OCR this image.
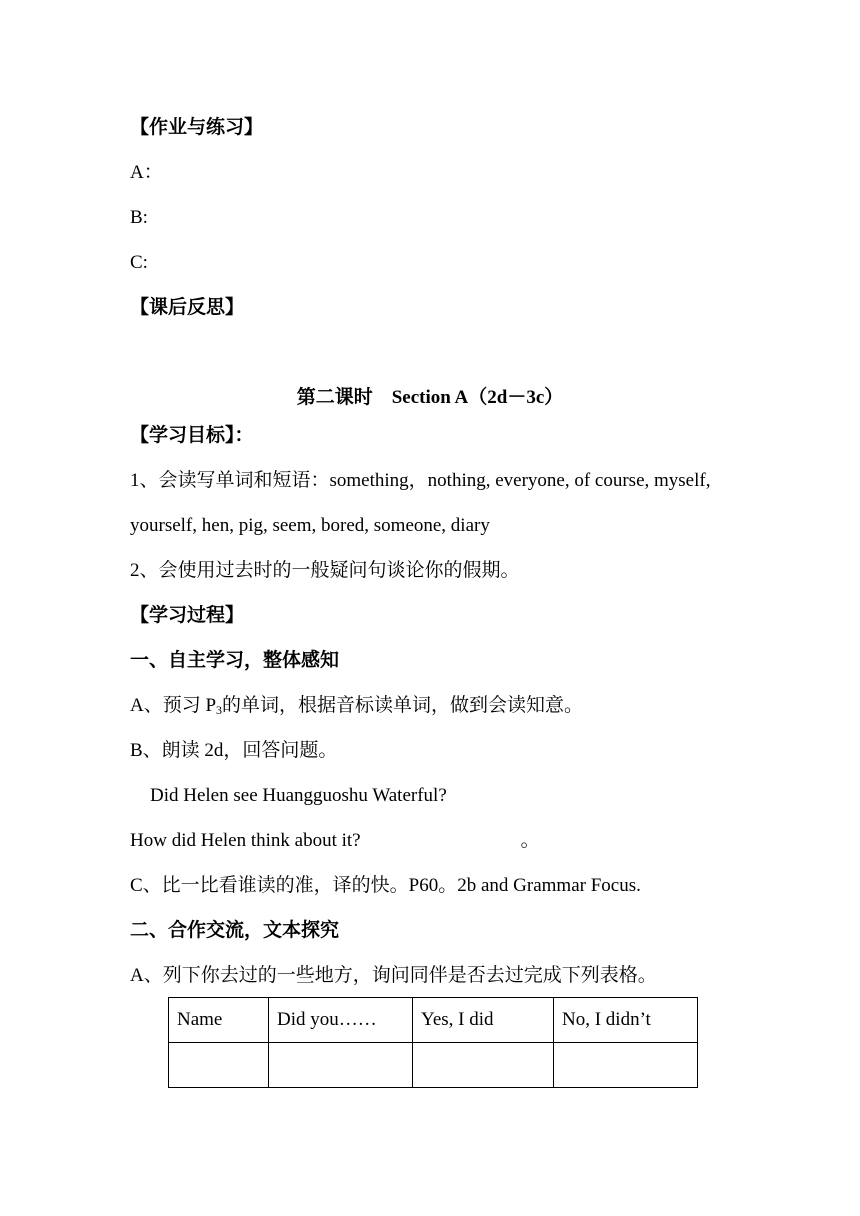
【作业与练习】
A：
B:
C:
【课后反思】
第二课时　Section A（2d－3c）
【学习目标】：
1、会读写单词和短语：something，nothing, everyone, of course, myself,
yourself, hen, pig, seem, bored, someone, diary
2、会使用过去时的一般疑问句谈论你的假期。
【学习过程】
一、自主学习，整体感知
A、预习 $P_3$的单词，根据音标读单词，做到会读知意。
B、朗读 2d，回答问题。
Did Helen see Huangguoshu Waterful?
How did Helen think about it?	。
C、比一比看谁读的准，译的快。P60。2b and Grammar Focus.
二、合作交流，文本探究
A、列下你去过的一些地方，询问同伴是否去过完成下列表格。
Name	Did you……	Yes, I did	No, I didn’t
